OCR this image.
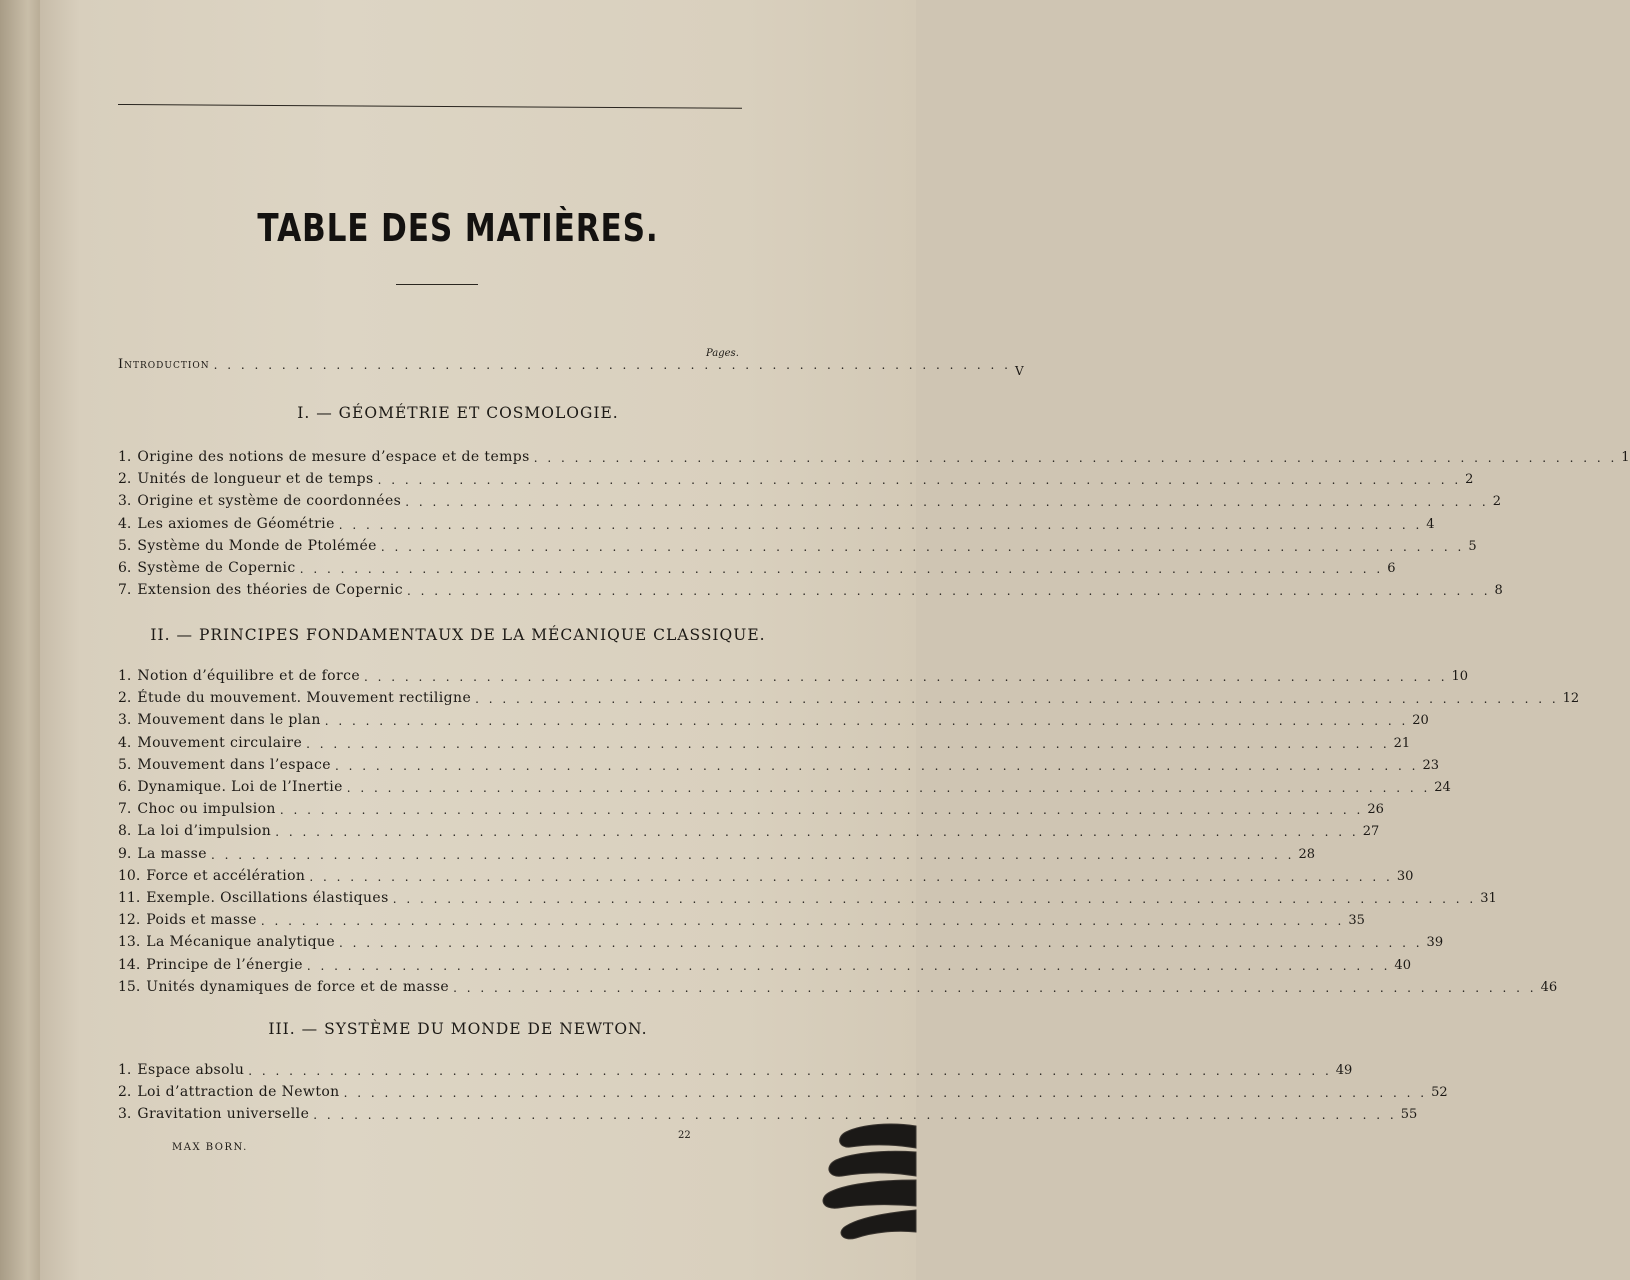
TABLE DES MATIÈRES.
Pages.
Introduction . . . . . . . . . . . . . . . . . . . . . . . . . . . . . . . . . . . . . . . . . . . . . . . . . . . . . . . . . . . V
I. — GÉOMÉTRIE ET COSMOLOGIE.
1. Origine des notions de mesure d’espace et de temps . . . . . . . . . . . . . . . . . . . . . . . . . . . . . . . . . . . . . . . . . . . . . . . . . . . . . . . . . . . . . . . . . . . . . . . . . . . . . . . . 1
2. Unités de longueur et de temps . . . . . . . . . . . . . . . . . . . . . . . . . . . . . . . . . . . . . . . . . . . . . . . . . . . . . . . . . . . . . . . . . . . . . . . . . . . . . . . . 2
3. Origine et système de coordonnées . . . . . . . . . . . . . . . . . . . . . . . . . . . . . . . . . . . . . . . . . . . . . . . . . . . . . . . . . . . . . . . . . . . . . . . . . . . . . . . . 2
4. Les axiomes de Géométrie . . . . . . . . . . . . . . . . . . . . . . . . . . . . . . . . . . . . . . . . . . . . . . . . . . . . . . . . . . . . . . . . . . . . . . . . . . . . . . . . 4
5. Système du Monde de Ptolémée . . . . . . . . . . . . . . . . . . . . . . . . . . . . . . . . . . . . . . . . . . . . . . . . . . . . . . . . . . . . . . . . . . . . . . . . . . . . . . . . 5
6. Système de Copernic . . . . . . . . . . . . . . . . . . . . . . . . . . . . . . . . . . . . . . . . . . . . . . . . . . . . . . . . . . . . . . . . . . . . . . . . . . . . . . . . 6
7. Extension des théories de Copernic . . . . . . . . . . . . . . . . . . . . . . . . . . . . . . . . . . . . . . . . . . . . . . . . . . . . . . . . . . . . . . . . . . . . . . . . . . . . . . . . 8
II. — PRINCIPES FONDAMENTAUX DE LA MÉCANIQUE CLASSIQUE.
1. Notion d’équilibre et de force . . . . . . . . . . . . . . . . . . . . . . . . . . . . . . . . . . . . . . . . . . . . . . . . . . . . . . . . . . . . . . . . . . . . . . . . . . . . . . . . 10
2. Étude du mouvement. Mouvement rectiligne . . . . . . . . . . . . . . . . . . . . . . . . . . . . . . . . . . . . . . . . . . . . . . . . . . . . . . . . . . . . . . . . . . . . . . . . . . . . . . . . 12
3. Mouvement dans le plan . . . . . . . . . . . . . . . . . . . . . . . . . . . . . . . . . . . . . . . . . . . . . . . . . . . . . . . . . . . . . . . . . . . . . . . . . . . . . . . . 20
4. Mouvement circulaire . . . . . . . . . . . . . . . . . . . . . . . . . . . . . . . . . . . . . . . . . . . . . . . . . . . . . . . . . . . . . . . . . . . . . . . . . . . . . . . . 21
5. Mouvement dans l’espace . . . . . . . . . . . . . . . . . . . . . . . . . . . . . . . . . . . . . . . . . . . . . . . . . . . . . . . . . . . . . . . . . . . . . . . . . . . . . . . . 23
6. Dynamique. Loi de l’Inertie . . . . . . . . . . . . . . . . . . . . . . . . . . . . . . . . . . . . . . . . . . . . . . . . . . . . . . . . . . . . . . . . . . . . . . . . . . . . . . . . 24
7. Choc ou impulsion . . . . . . . . . . . . . . . . . . . . . . . . . . . . . . . . . . . . . . . . . . . . . . . . . . . . . . . . . . . . . . . . . . . . . . . . . . . . . . . . 26
8. La loi d’impulsion . . . . . . . . . . . . . . . . . . . . . . . . . . . . . . . . . . . . . . . . . . . . . . . . . . . . . . . . . . . . . . . . . . . . . . . . . . . . . . . . 27
9. La masse . . . . . . . . . . . . . . . . . . . . . . . . . . . . . . . . . . . . . . . . . . . . . . . . . . . . . . . . . . . . . . . . . . . . . . . . . . . . . . . . 28
10. Force et accélération . . . . . . . . . . . . . . . . . . . . . . . . . . . . . . . . . . . . . . . . . . . . . . . . . . . . . . . . . . . . . . . . . . . . . . . . . . . . . . . . 30
11. Exemple. Oscillations élastiques . . . . . . . . . . . . . . . . . . . . . . . . . . . . . . . . . . . . . . . . . . . . . . . . . . . . . . . . . . . . . . . . . . . . . . . . . . . . . . . . 31
12. Poids et masse . . . . . . . . . . . . . . . . . . . . . . . . . . . . . . . . . . . . . . . . . . . . . . . . . . . . . . . . . . . . . . . . . . . . . . . . . . . . . . . . 35
13. La Mécanique analytique . . . . . . . . . . . . . . . . . . . . . . . . . . . . . . . . . . . . . . . . . . . . . . . . . . . . . . . . . . . . . . . . . . . . . . . . . . . . . . . . 39
14. Principe de l’énergie . . . . . . . . . . . . . . . . . . . . . . . . . . . . . . . . . . . . . . . . . . . . . . . . . . . . . . . . . . . . . . . . . . . . . . . . . . . . . . . . 40
15. Unités dynamiques de force et de masse . . . . . . . . . . . . . . . . . . . . . . . . . . . . . . . . . . . . . . . . . . . . . . . . . . . . . . . . . . . . . . . . . . . . . . . . . . . . . . . . 46
III. — SYSTÈME DU MONDE DE NEWTON.
1. Espace absolu . . . . . . . . . . . . . . . . . . . . . . . . . . . . . . . . . . . . . . . . . . . . . . . . . . . . . . . . . . . . . . . . . . . . . . . . . . . . . . . . 49
2. Loi d’attraction de Newton . . . . . . . . . . . . . . . . . . . . . . . . . . . . . . . . . . . . . . . . . . . . . . . . . . . . . . . . . . . . . . . . . . . . . . . . . . . . . . . . 52
3. Gravitation universelle . . . . . . . . . . . . . . . . . . . . . . . . . . . . . . . . . . . . . . . . . . . . . . . . . . . . . . . . . . . . . . . . . . . . . . . . . . . . . . . . 55
MAX BORN.
22
